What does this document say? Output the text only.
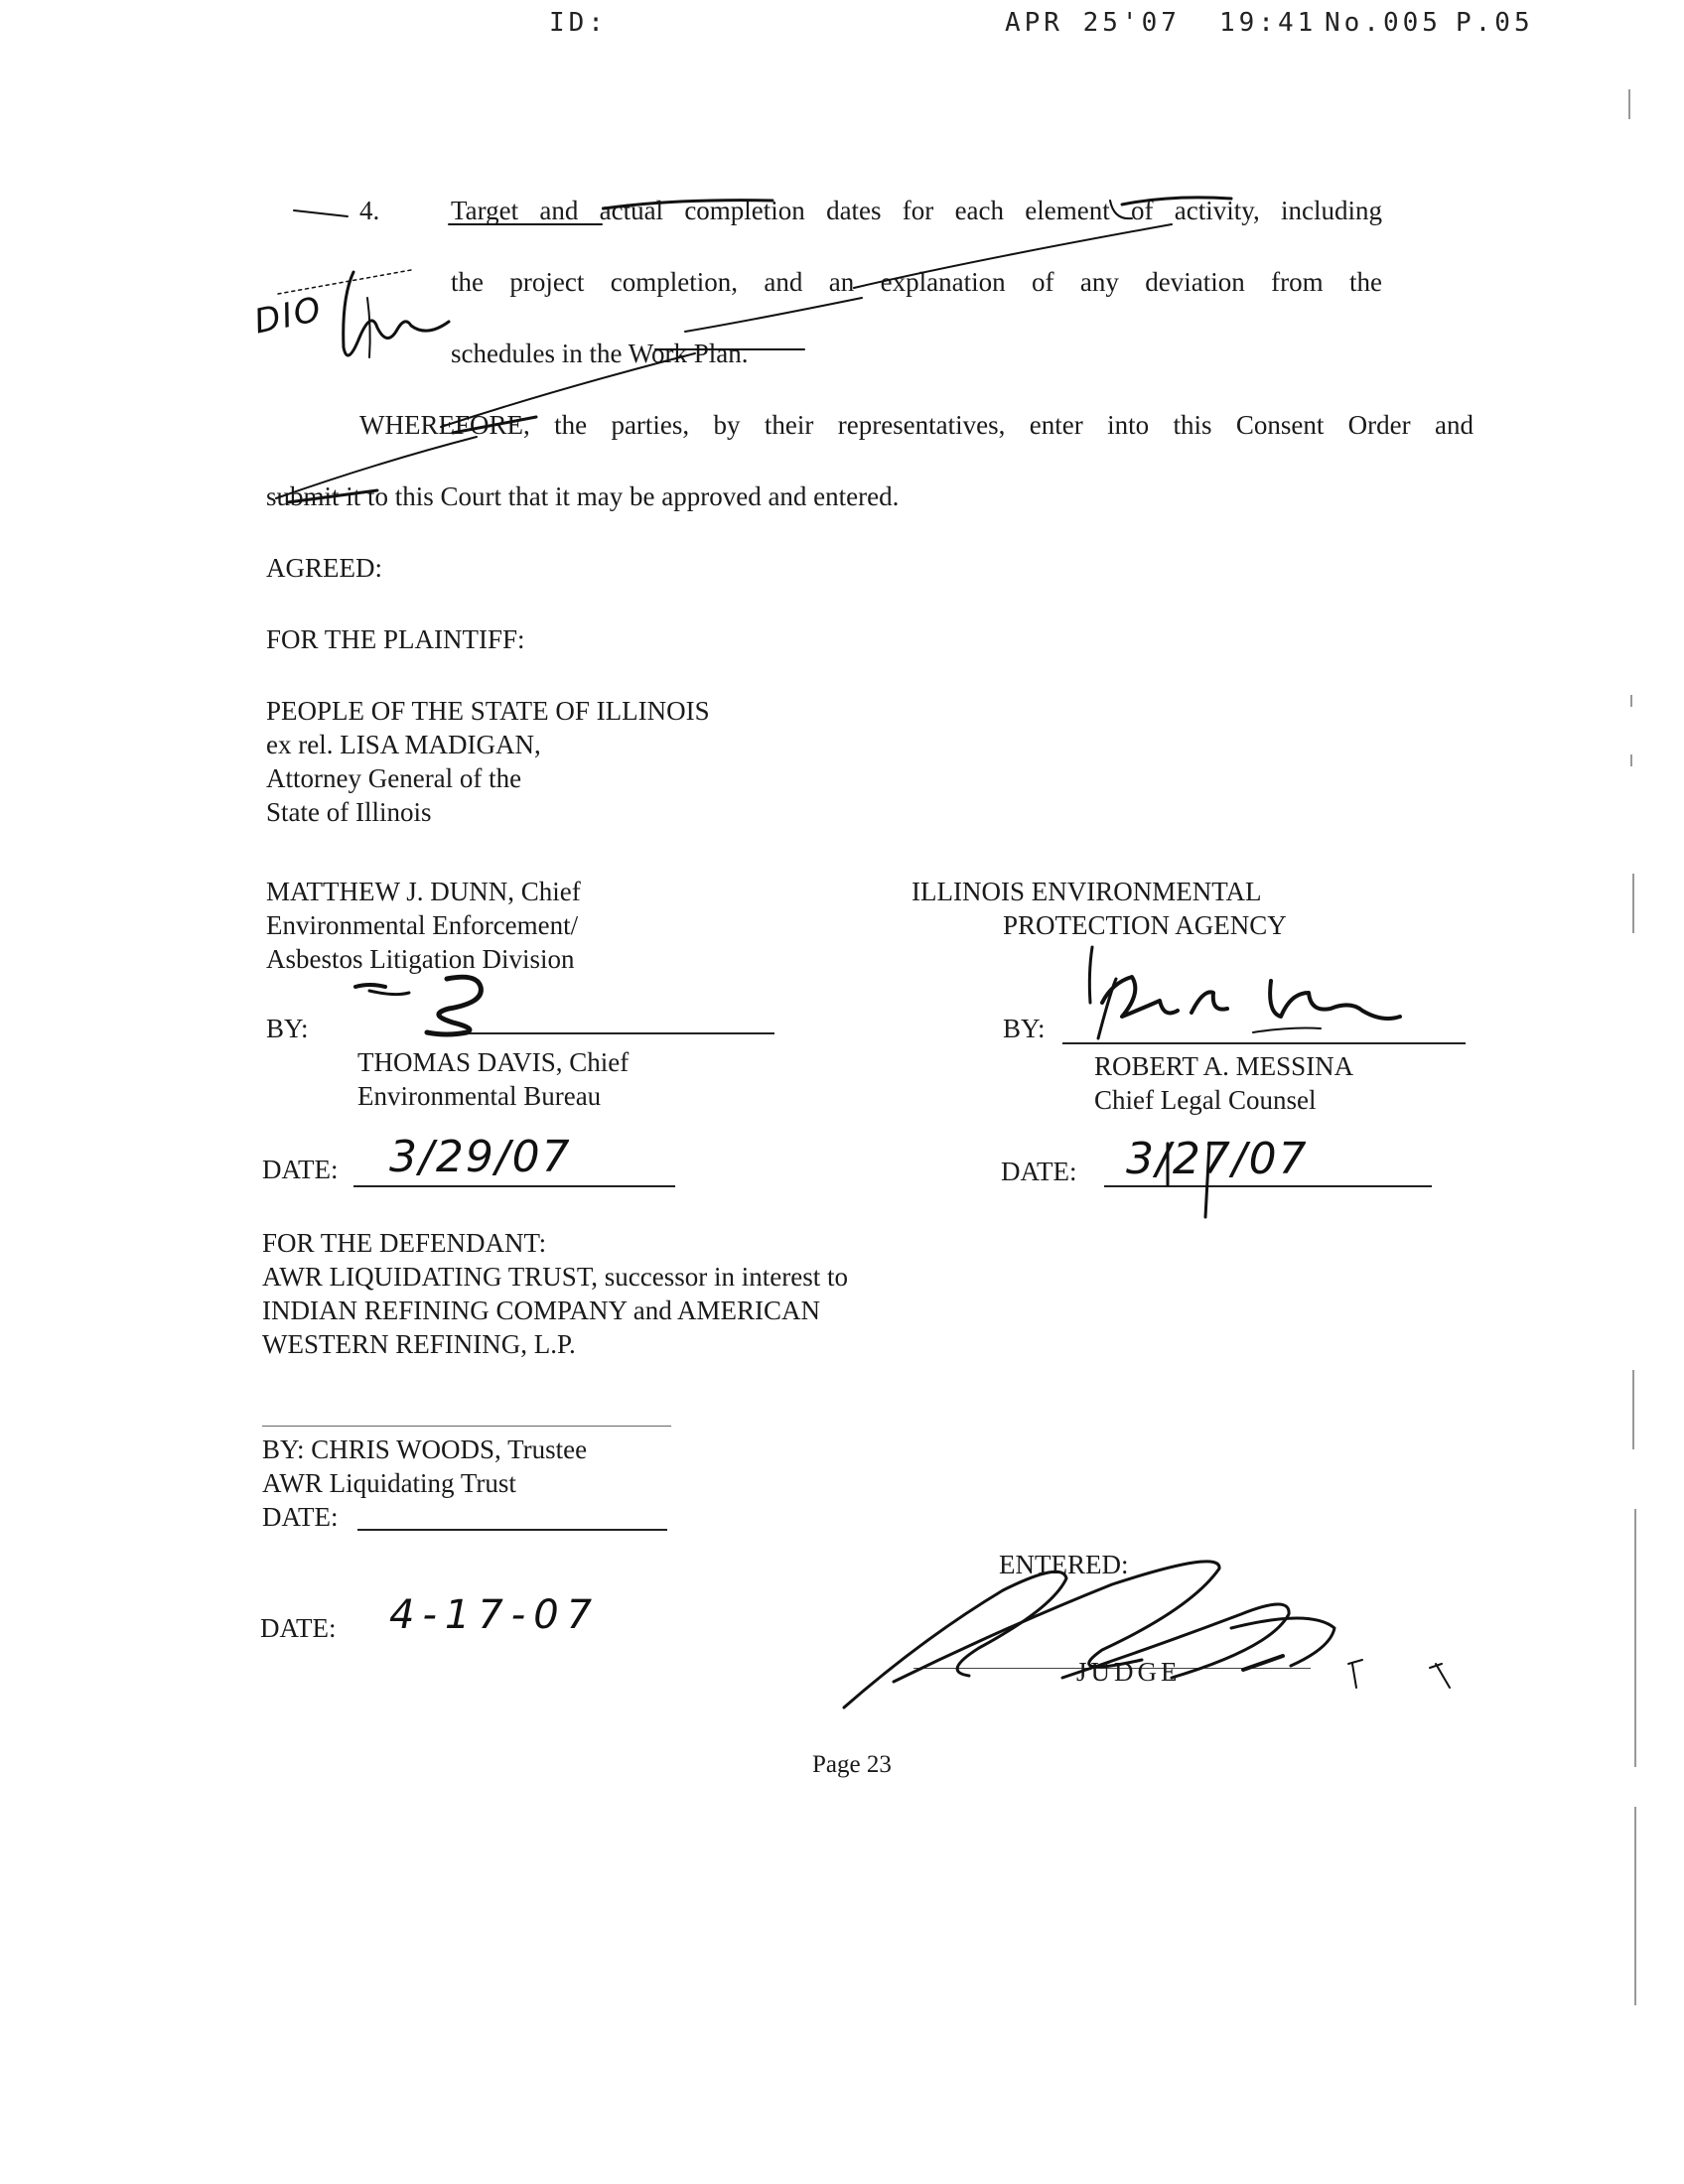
ID:	APR 25'07 19:41 No.005 P.05
4.	Target and actual completion dates for each element of activity, including
the project completion, and an explanation of any deviation from the
schedules in the Work Plan.
DIO
WHEREFORE, the parties, by their representatives, enter into this Consent Order and
submit it to this Court that it may be approved and entered.
AGREED:
FOR THE PLAINTIFF:
PEOPLE OF THE STATE OF ILLINOIS
ex rel. LISA MADIGAN,
Attorney General of the
State of Illinois
MATTHEW J. DUNN, Chief
Environmental Enforcement/
Asbestos Litigation Division
BY:
THOMAS DAVIS, Chief
Environmental Bureau
DATE: 3/29/07
ILLINOIS ENVIRONMENTAL
PROTECTION AGENCY
BY:
ROBERT A. MESSINA
Chief Legal Counsel
DATE: 3/27/07
FOR THE DEFENDANT:
AWR LIQUIDATING TRUST, successor in interest to
INDIAN REFINING COMPANY and AMERICAN
WESTERN REFINING, L.P.
BY: CHRIS WOODS, Trustee
AWR Liquidating Trust
DATE:
DATE: 4-17-07
ENTERED:
JUDGE
Page 23
